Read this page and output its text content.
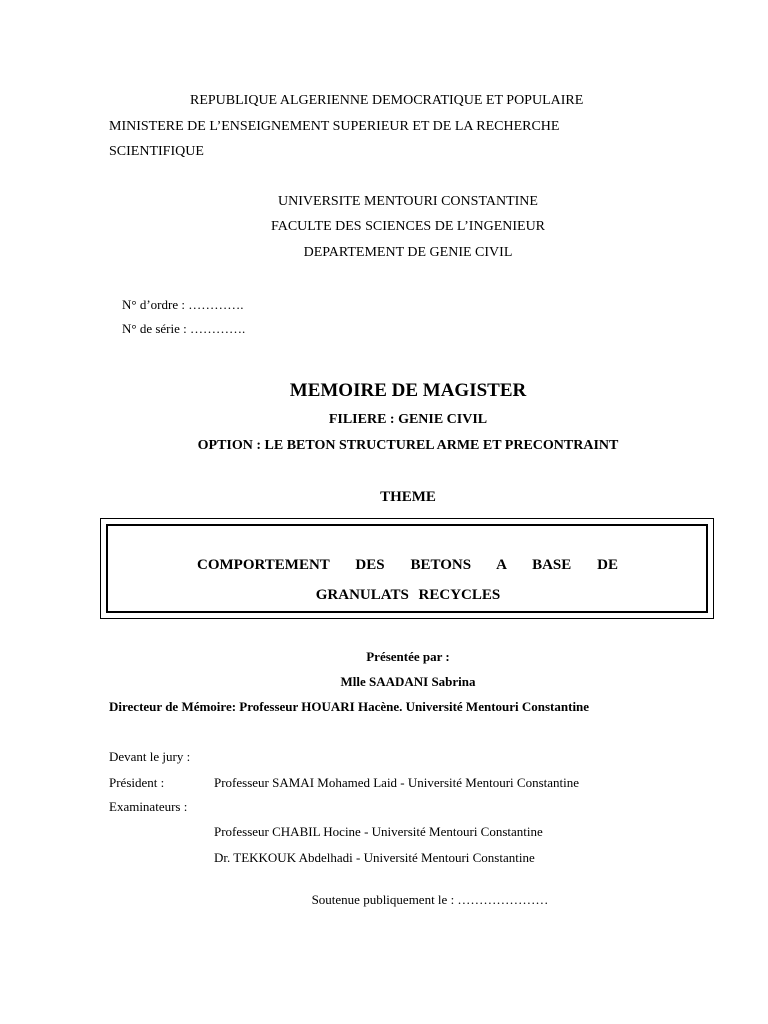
REPUBLIQUE ALGERIENNE DEMOCRATIQUE ET POPULAIRE
MINISTERE DE L’ENSEIGNEMENT SUPERIEUR ET DE LA RECHERCHE
SCIENTIFIQUE
UNIVERSITE MENTOURI CONSTANTINE
FACULTE DES SCIENCES DE L’INGENIEUR
DEPARTEMENT DE GENIE CIVIL
N° d’ordre : ………….
N° de série : ………….
MEMOIRE DE MAGISTER
FILIERE : GENIE CIVIL
OPTION : LE BETON STRUCTUREL ARME ET PRECONTRAINT
THEME
COMPORTEMENT DES BETONS A BASE DE
GRANULATS RECYCLES
Présentée par :
Mlle SAADANI Sabrina
Directeur de Mémoire: Professeur HOUARI Hacène. Université Mentouri Constantine
Devant le jury :
Président :	Professeur SAMAI Mohamed Laid - Université Mentouri Constantine
Examinateurs :
Professeur CHABIL Hocine - Université Mentouri Constantine
Dr. TEKKOUK Abdelhadi - Université Mentouri Constantine
Soutenue publiquement le : …………………
